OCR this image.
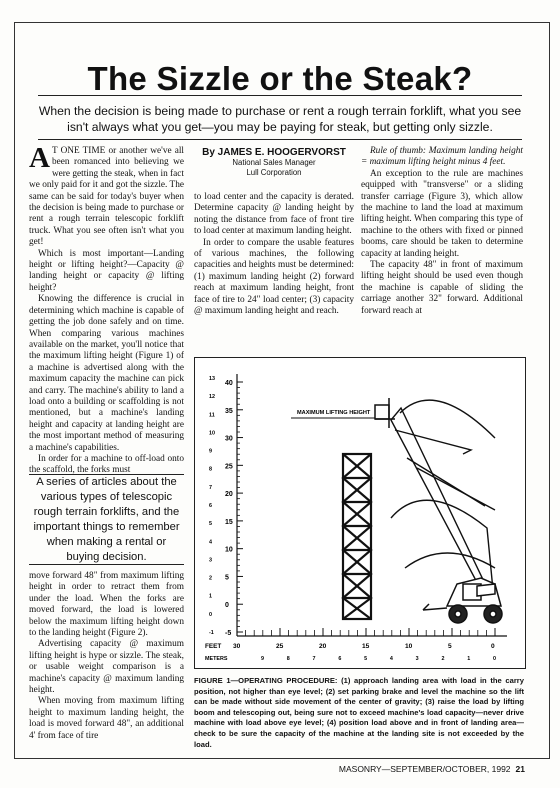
The Sizzle or the Steak?
When the decision is being made to purchase or rent a rough terrain forklift, what you see isn't always what you get—you may be paying for steak, but getting only sizzle.

A T ONE TIME or another we've all been romanced into believing we were getting the steak, when in fact we only paid for it and got the sizzle. The same can be said for today's buyer when the decision is being made to purchase or rent a rough terrain telescopic forklift truck. What you see often isn't what you get!

Which is most important—Landing height or lifting height?—Capacity @ landing height or capacity @ lifting height?

Knowing the difference is crucial in determining which machine is capable of getting the job done safely and on time. When comparing various machines available on the market, you'll notice that the maximum lifting height (Figure 1) of a machine is advertised along with the maximum capacity the machine can pick and carry. The machine's ability to land a load onto a building or scaffolding is not mentioned, but a machine's landing height and capacity at landing height are the most important method of measuring a machine's capabilities.

In order for a machine to off-load onto the scaffold, the forks must

A series of articles about the various types of telescopic rough terrain forklifts, and the important things to remember when making a rental or buying decision.

move forward 48" from maximum lifting height in order to retract them from under the load. When the forks are moved forward, the load is lowered below the maximum lifting height down to the landing height (Figure 2).

Advertising capacity @ maximum lifting height is hype or sizzle. The steak, or usable weight comparison is a machine's capacity @ maximum landing height.

When moving from maximum lifting height to maximum landing height, the load is moved forward 48", an additional 4' from face of tire

By JAMES E. HOOGERVORST
National Sales Manager
Lull Corporation

to load center and the capacity is derated. Determine capacity @ landing height by noting the distance from face of front tire to load center at maximum landing height.

In order to compare the usable features of various machines, the following capacities and heights must be determined: (1) maximum landing height (2) forward reach at maximum landing height, front face of tire to 24" load center; (3) capacity @ maximum landing height and reach.

Rule of thumb: Maximum landing height = maximum lifting height minus 4 feet.

An exception to the rule are machines equipped with "transverse" or a sliding transfer carriage (Figure 3), which allow the machine to land the load at maximum lifting height. When comparing this type of machine to the others with fixed or pinned booms, care should be taken to determine capacity at landing height.

The capacity 48" in front of maximum lifting height should be used even though the machine is capable of sliding the carriage another 32" forward. Additional forward reach at

40
35
30
25
20
15
10
5
0
-5
13
12
11
10
9
8
7
6
5
4
3
2
1
0
-1
30	25	20	15	10	5	0
9	8	7	6	5	4	3	2	1	0
MAXIMUM LIFTING HEIGHT
FEET
METERS
FIGURE 1—OPERATING PROCEDURE: (1) approach landing area with load in the carry position, not higher than eye level; (2) set parking brake and level the machine so the lift can be made without side movement of the center of gravity; (3) raise the load by lifting boom and telescoping out, being sure not to exceed machine's load capacity—never drive machine with load above eye level; (4) position load above and in front of landing area—check to be sure the capacity of the machine at the landing site is not exceeded by the load.
MASONRY—SEPTEMBER/OCTOBER, 1992 21
